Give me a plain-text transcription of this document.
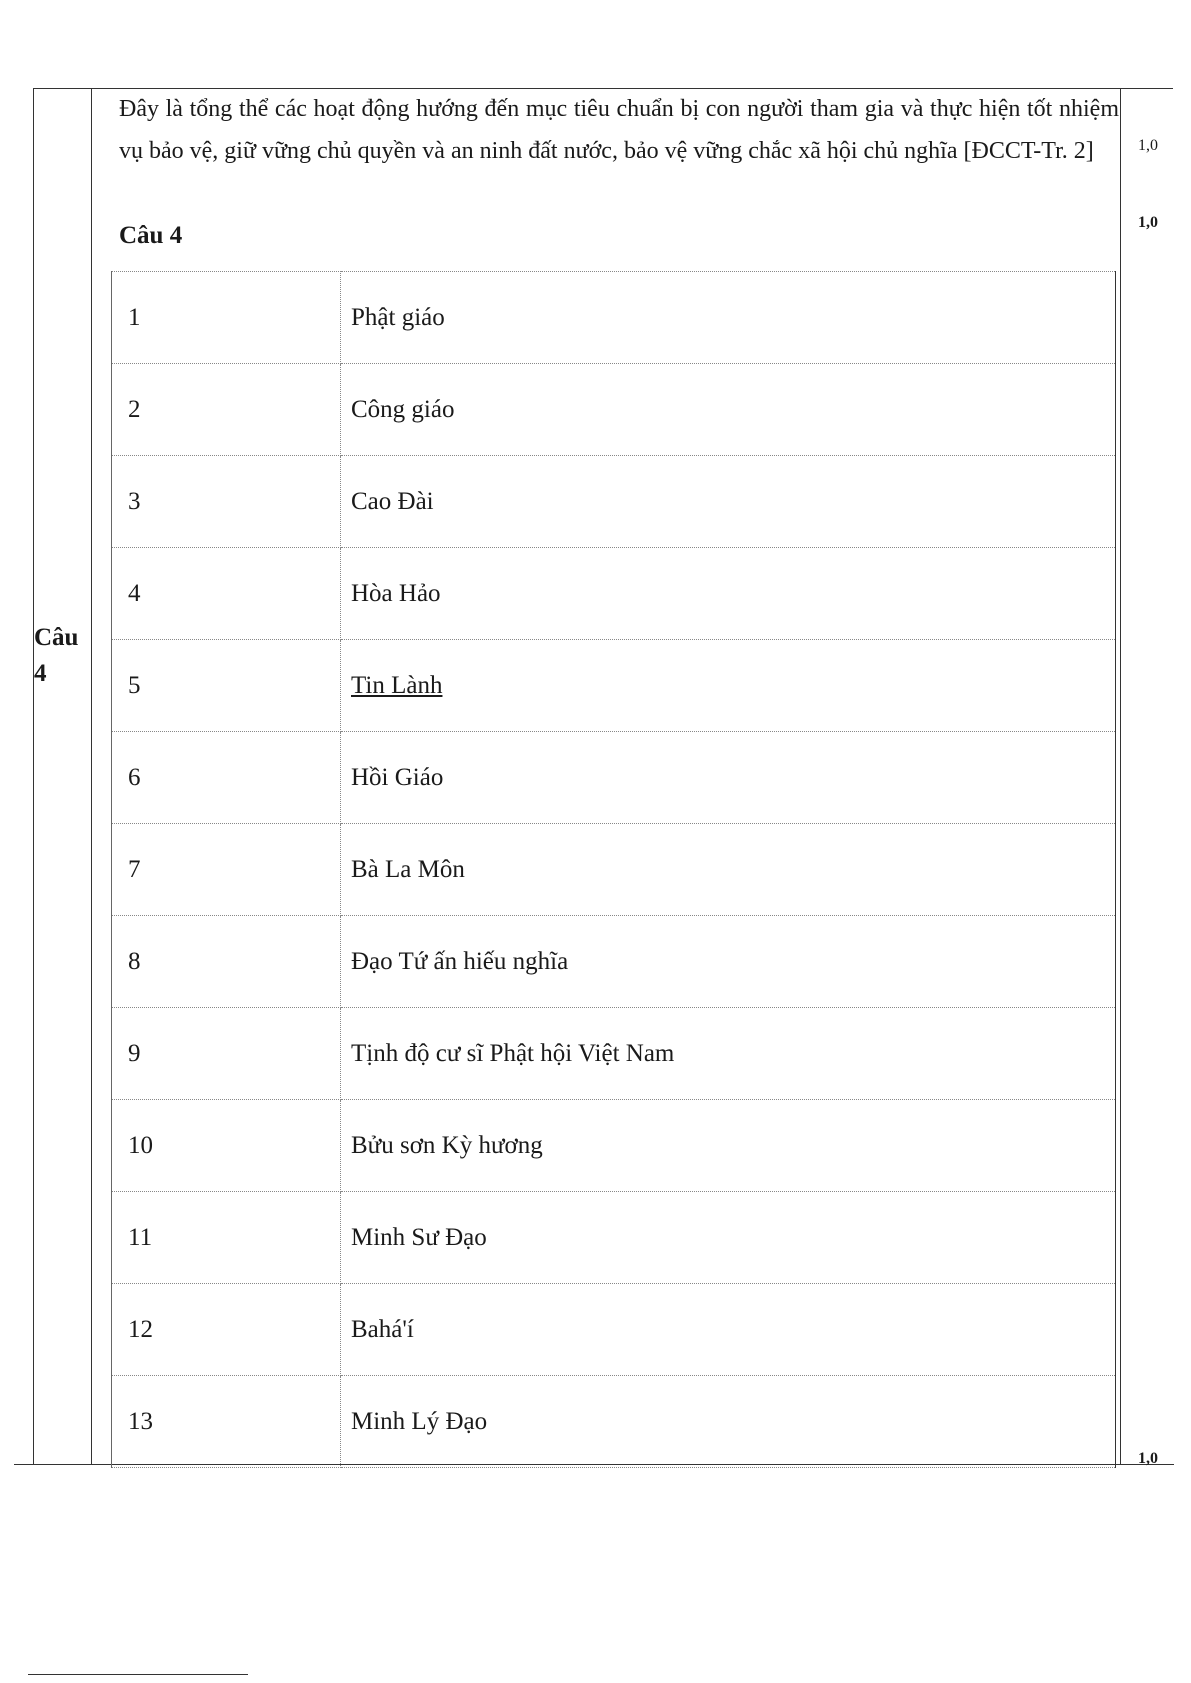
Câu 4
Đây là tổng thể các hoạt động hướng đến mục tiêu chuẩn bị con người tham gia và thực hiện tốt nhiệm vụ bảo vệ, giữ vững chủ quyền và an ninh đất nước, bảo vệ vững chắc xã hội chủ nghĩa [ĐCCT-Tr. 2]
Câu 4
1,0
1,0
1,0
1	Phật giáo
2	Công giáo
3	Cao Đài
4	Hòa Hảo
5	Tin Lành
6	Hồi Giáo
7	Bà La Môn
8	Đạo Tứ ấn hiếu nghĩa
9	Tịnh độ cư sĩ Phật hội Việt Nam
10	Bửu sơn Kỳ hương
11	Minh Sư Đạo
12	Bahá'í
13	Minh Lý Đạo
